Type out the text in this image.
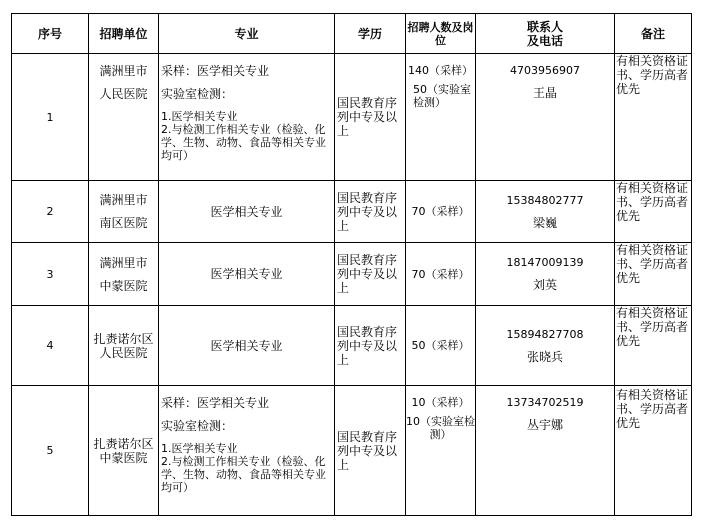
序号	招聘单位	专业	学历	招聘人数及岗位	联系人
及电话	备注
1	满洲里市
人民医院	采样：医学相关专业
实验室检测：
1.医学相关专业
2.与检测工作相关专业（检验、化学、生物、动物、食品等相关专业均可）	国民教育序列中专及以上	140（采样）
50（实验室检测）	4703956907
王晶	有相关资格证书、学历高者优先
2	满洲里市
南区医院	医学相关专业	国民教育序列中专及以上	70（采样）	15384802777
梁巍	有相关资格证书、学历高者优先
3	满洲里市
中蒙医院	医学相关专业	国民教育序列中专及以上	70（采样）	18147009139
刘英	有相关资格证书、学历高者优先
4	扎赉诺尔区
人民医院	医学相关专业	国民教育序列中专及以上	50（采样）	15894827708
张晓兵	有相关资格证书、学历高者优先
5	扎赉诺尔区
中蒙医院	采样：医学相关专业
实验室检测：
1.医学相关专业
2.与检测工作相关专业（检验、化学、生物、动物、食品等相关专业均可）	国民教育序列中专及以上	10（采样）
10（实验室检测）	13734702519
丛宇娜	有相关资格证书、学历高者优先
